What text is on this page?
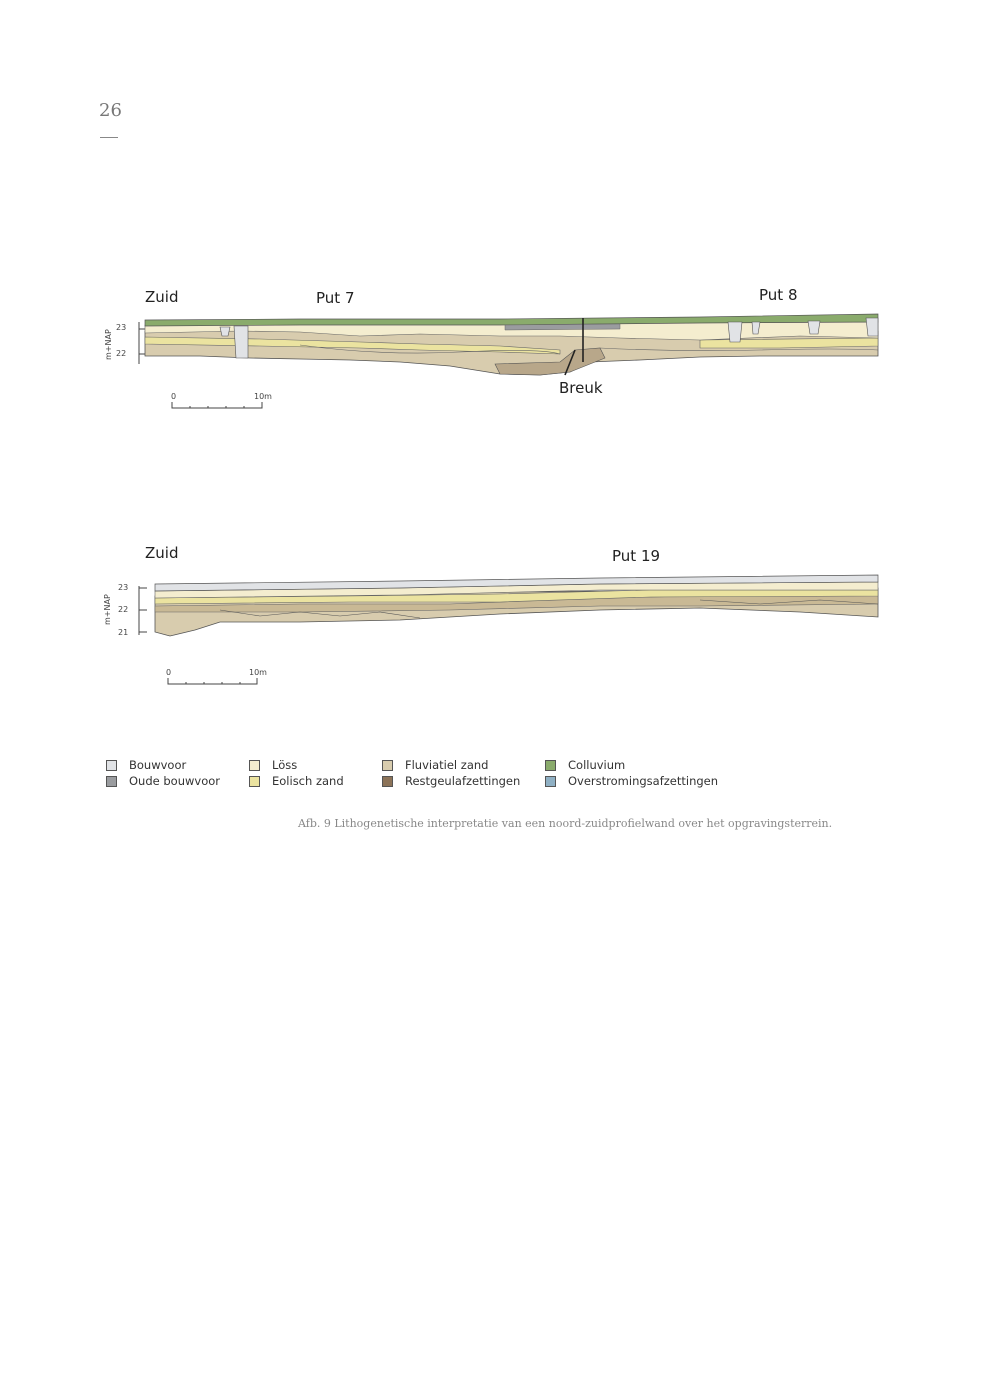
26
Zuid	Put 7	Put 8
Breuk
m+NAP
23
22
0	10m
Zuid	Put 19
m+NAP
23
22
21
0	10m
Bouwvoor
Oude bouwvoor
Löss
Eolisch zand
Fluviatiel zand
Restgeulafzettingen
Colluvium
Overstromingsafzettingen
Afb. 9 Lithogenetische interpretatie van een noord-zuidprofielwand over het opgravingsterrein.
